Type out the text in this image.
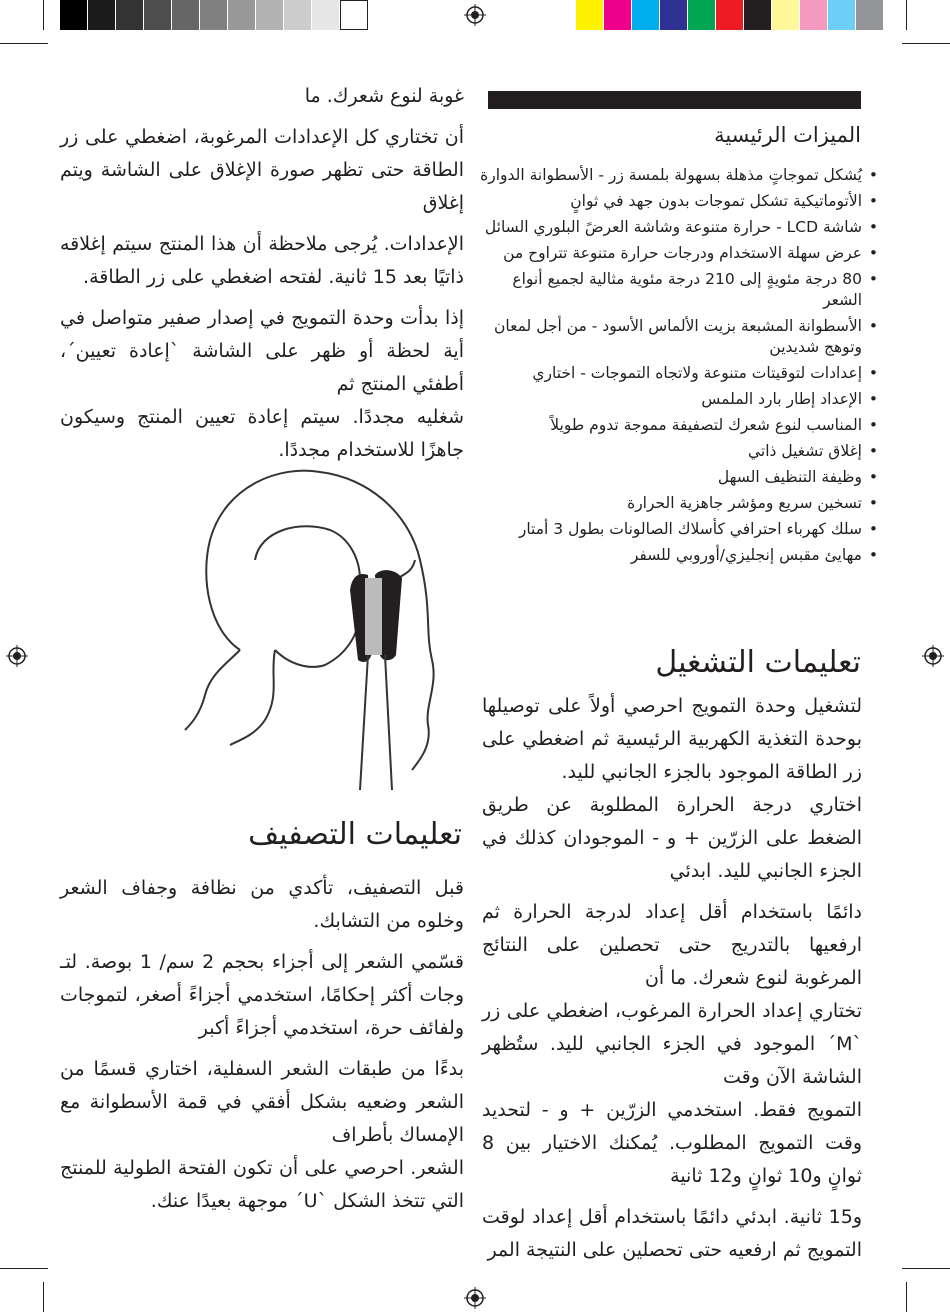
غوبة لنوع شعرك. ما

أن تختاري كل الإعدادات المرغوبة، اضغطي على زر الطاقة حتى تظهر صورة الإغلاق على الشاشة ويتم إغلاق

الإعدادات. يُرجى ملاحظة أن هذا المنتج سيتم إغلاقه ذاتيًا بعد 15 ثانية. لفتحه اضغطي على زر الطاقة.

إذا بدأت وحدة التمويج في إصدار صفير متواصل في أية لحظة أو ظهر على الشاشة `إعادة تعيين´، أطفئي المنتج ثم

شغليه مجددًا. سيتم إعادة تعيين المنتج وسيكون جاهزًا للاستخدام مجددًا.

تعليمات التصفيف

قبل التصفيف، تأكدي من نظافة وجفاف الشعر وخلوه من التشابك.

قسّمي الشعر إلى أجزاء بحجم 2 سم/ 1 بوصة. لتـ وجات أكثر إحكامًا، استخدمي أجزاءً أصغر، لتموجات ولفائف حرة، استخدمي أجزاءً أكبر

بدءًا من طبقات الشعر السفلية، اختاري قسمًا من الشعر وضعيه بشكل أفقي في قمة الأسطوانة مع الإمساك بأطراف

الشعر. احرصي على أن تكون الفتحة الطولية للمنتج التي تتخذ الشكل `U´ موجهة بعيدًا عنك.

الميزات الرئيسية
• يُشكل تموجاتٍ مذهلة بسهولة بلمسة زر - الأسطوانة الدوارة
• الأتوماتيكية تشكل تموجات بدون جهد في ثوانٍ
• شاشة LCD - حرارة متنوعة وشاشة العرضً البلوري السائل
• عرض سهلة الاستخدام ودرجات حرارة متنوعة تتراوح من
• 80 درجة مئويةٍ إلى 210 درجة مئوية مثالية لجميع أنواع الشعر
• الأسطوانة المشبعة بزيت الألماس الأسود - من أجل لمعان وتوهج شديدين
• إعدادات لتوقيتات متنوعة ولاتجاه التموجات - اختاري
• الإعداد إطار بارد الملمس
• المناسب لنوع شعرك لتصفيفة مموجة تدوم طويلاً
• إغلاق تشغيل ذاتي
• وظيفة التنظيف السهل
• تسخين سريع ومؤشر جاهزية الحرارة
• سلك كهرباء احترافي كأسلاك الصالونات بطول 3 أمتار
• مهايئ مقبس إنجليزي/أوروبي للسفر
تعليمات التشغيل

لتشغيل وحدة التمويج احرصي أولاً على توصيلها بوحدة التغذية الكهربية الرئيسية ثم اضغطي على زر الطاقة الموجود بالجزء الجانبي لليد.

اختاري درجة الحرارة المطلوبة عن طريق الضغط على الزرّين + و - الموجودان كذلك في الجزء الجانبي لليد. ابدئي

دائمًا باستخدام أقل إعداد لدرجة الحرارة ثم ارفعيها بالتدريج حتى تحصلين على النتائج المرغوبة لنوع شعرك. ما أن

تختاري إعداد الحرارة المرغوب، اضغطي على زر `M´ الموجود في الجزء الجانبي لليد. ستُظهر الشاشة الآن وقت

التمويج فقط. استخدمي الزرّين + و - لتحديد وقت التمويج المطلوب. يُمكنك الاختيار بين 8 ثوانٍ و10 ثوانٍ و12 ثانية

و15 ثانية. ابدئي دائمًا باستخدام أقل إعداد لوقت التمويج ثم ارفعيه حتى تحصلين على النتيجة المر
